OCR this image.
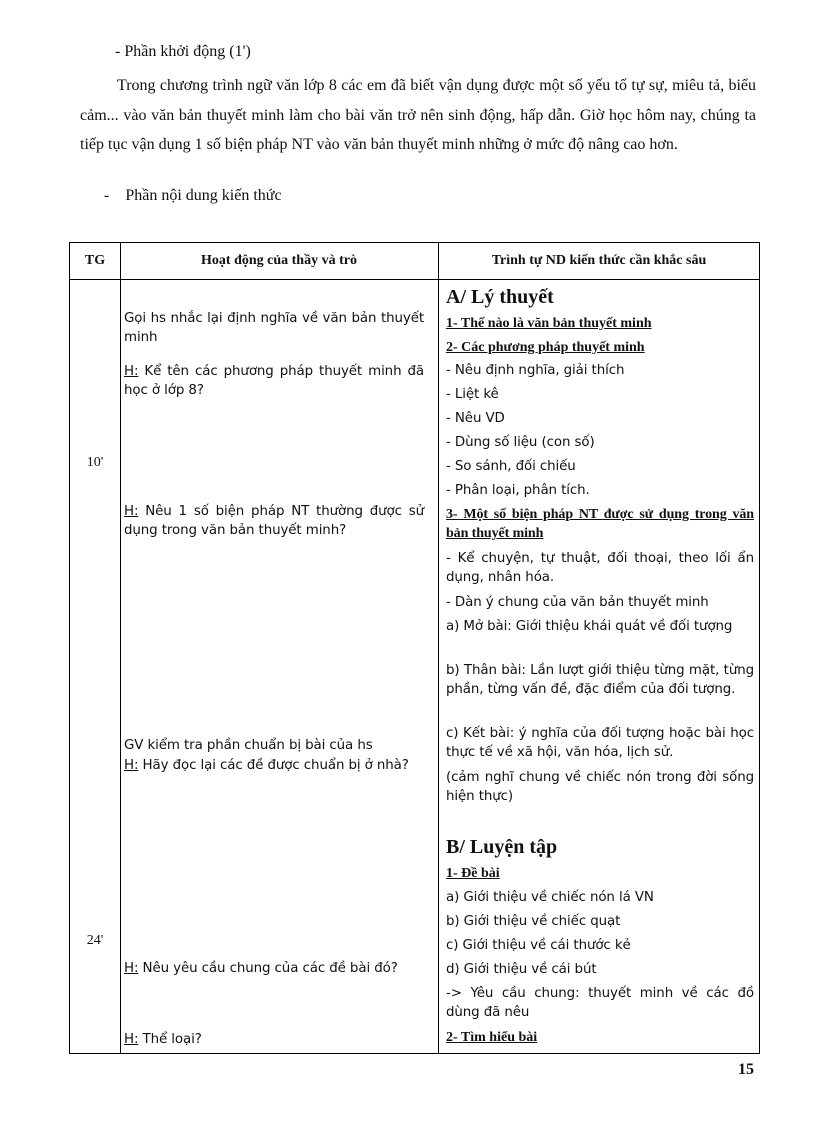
- Phần khởi động (1')
Trong chương trình ngữ văn lớp 8 các em đã biết vận dụng được một số yếu tố tự sự, miêu tả, biểu cảm... vào văn bản thuyết minh làm cho bài văn trở nên sinh động, hấp dẫn. Giờ học hôm nay, chúng ta tiếp tục vận dụng 1 số biện pháp NT vào văn bản thuyết minh những ở mức độ nâng cao hơn.
-    Phần nội dung kiến thức
TG	Hoạt động của thầy và trò	Trình tự ND kiến thức cần khắc sâu
10'
24'
Gọi hs nhắc lại định nghĩa về văn bản thuyết minh
H: Kể tên các phương pháp thuyết minh đã học ở lớp 8?
H: Nêu 1 số biện pháp NT thường được sử dụng trong văn bản thuyết minh?
GV kiểm tra phần chuẩn bị bài của hs
H: Hãy đọc lại các đề được chuẩn bị ở nhà?
H: Nêu yêu cầu chung của các đề bài đó?
H: Thể loại?
A/ Lý thuyết
1- Thế nào là văn bản thuyết minh
2- Các phương pháp thuyết minh
- Nêu định nghĩa, giải thích
- Liệt kê
- Nêu VD
- Dùng số liệu (con số)
- So sánh, đối chiếu
- Phân loại, phân tích.
3- Một số biện pháp NT được sử dụng trong văn bản thuyết minh
- Kể chuyện, tự thuật, đối thoại, theo lối ẩn dụng, nhân hóa.
- Dàn ý chung của văn bản thuyết minh
a) Mở bài: Giới thiệu khái quát về đối tượng
b) Thân bài: Lần lượt giới thiệu từng mặt, từng phần, từng vấn đề, đặc điểm của đối tượng.
c) Kết bài: ý nghĩa của đối tượng hoặc bài học thực tế về xã hội, văn hóa, lịch sử.
(cảm nghĩ chung về chiếc nón trong đời sống hiện thực)
B/ Luyện tập
1- Đề bài
a) Giới thiệu về chiếc nón lá VN
b) Giới thiệu về chiếc quạt
c) Giới thiệu về cái thước kẻ
d) Giới thiệu về cái bút
-> Yêu cầu chung: thuyết minh về các đồ dùng đã nêu
2- Tìm hiểu bài
15
